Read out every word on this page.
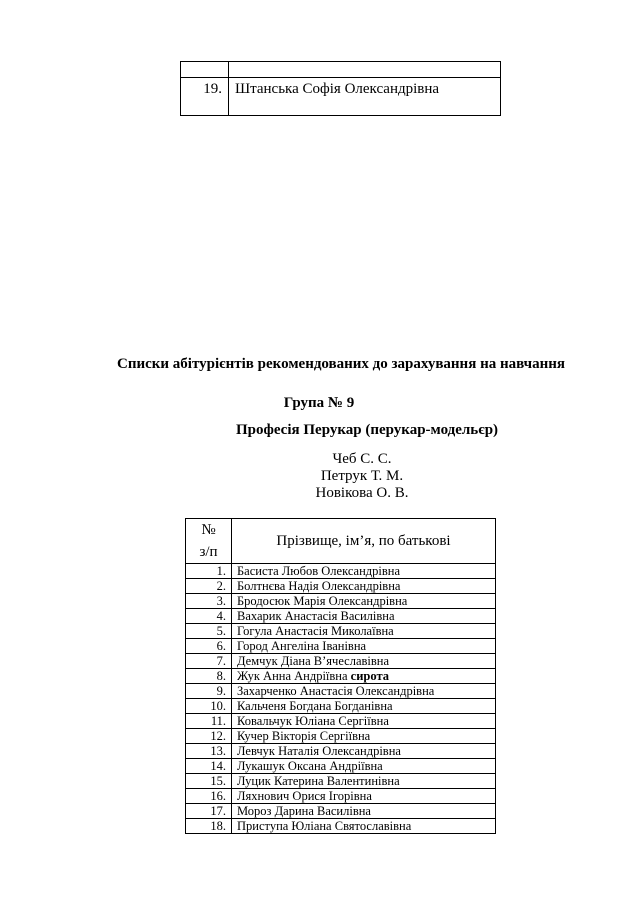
19.	Штанська Софія Олександрівна
Списки абітурієнтів рекомендованих до зарахування на навчання
Група № 9
Професія Перукар (перукар-модельєр)
Чеб С. С.
Петрук Т. М.
Новікова О. В.
№
з/п	Прізвище, ім’я, по батькові
1.	Басиста Любов Олександрівна
2.	Болтнєва Надія Олександрівна
3.	Бродосюк Марія Олександрівна
4.	Вахарик Анастасія Василівна
5.	Гогула Анастасія Миколаївна
6.	Город Ангеліна Іванівна
7.	Демчук Діана В’ячеславівна
8.	Жук Анна Андріївна сирота
9.	Захарченко Анастасія Олександрівна
10.	Кальченя Богдана Богданівна
11.	Ковальчук Юліана Сергіївна
12.	Кучер Вікторія Сергіївна
13.	Левчук Наталія Олександрівна
14.	Лукашук Оксана Андріївна
15.	Луцик Катерина Валентинівна
16.	Ляхнович Орися Ігорівна
17.	Мороз Дарина Василівна
18.	Приступа Юліана Святославівна
